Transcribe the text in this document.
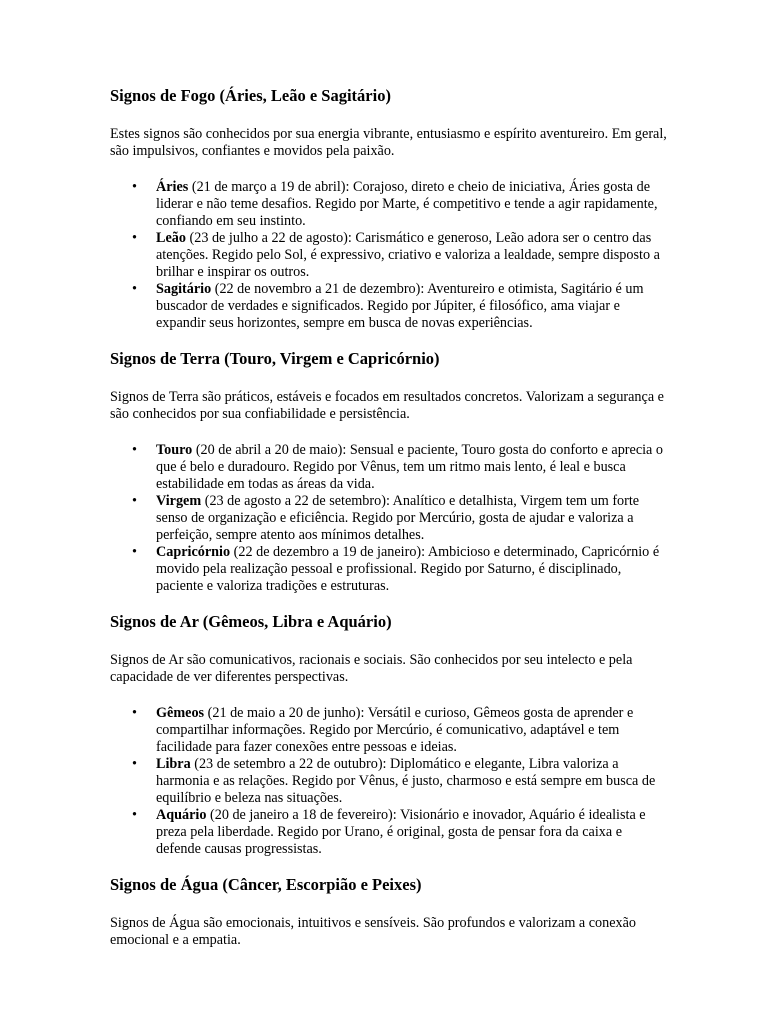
Signos de Fogo (Áries, Leão e Sagitário)

Estes signos são conhecidos por sua energia vibrante, entusiasmo e espírito aventureiro. Em geral, são impulsivos, confiantes e movidos pela paixão.

• Áries (21 de março a 19 de abril): Corajoso, direto e cheio de iniciativa, Áries gosta de liderar e não teme desafios. Regido por Marte, é competitivo e tende a agir rapidamente, confiando em seu instinto.
• Leão (23 de julho a 22 de agosto): Carismático e generoso, Leão adora ser o centro das atenções. Regido pelo Sol, é expressivo, criativo e valoriza a lealdade, sempre disposto a brilhar e inspirar os outros.
• Sagitário (22 de novembro a 21 de dezembro): Aventureiro e otimista, Sagitário é um buscador de verdades e significados. Regido por Júpiter, é filosófico, ama viajar e expandir seus horizontes, sempre em busca de novas experiências.
Signos de Terra (Touro, Virgem e Capricórnio)

Signos de Terra são práticos, estáveis e focados em resultados concretos. Valorizam a segurança e são conhecidos por sua confiabilidade e persistência.

• Touro (20 de abril a 20 de maio): Sensual e paciente, Touro gosta do conforto e aprecia o que é belo e duradouro. Regido por Vênus, tem um ritmo mais lento, é leal e busca estabilidade em todas as áreas da vida.
• Virgem (23 de agosto a 22 de setembro): Analítico e detalhista, Virgem tem um forte senso de organização e eficiência. Regido por Mercúrio, gosta de ajudar e valoriza a perfeição, sempre atento aos mínimos detalhes.
• Capricórnio (22 de dezembro a 19 de janeiro): Ambicioso e determinado, Capricórnio é movido pela realização pessoal e profissional. Regido por Saturno, é disciplinado, paciente e valoriza tradições e estruturas.
Signos de Ar (Gêmeos, Libra e Aquário)

Signos de Ar são comunicativos, racionais e sociais. São conhecidos por seu intelecto e pela capacidade de ver diferentes perspectivas.

• Gêmeos (21 de maio a 20 de junho): Versátil e curioso, Gêmeos gosta de aprender e compartilhar informações. Regido por Mercúrio, é comunicativo, adaptável e tem facilidade para fazer conexões entre pessoas e ideias.
• Libra (23 de setembro a 22 de outubro): Diplomático e elegante, Libra valoriza a harmonia e as relações. Regido por Vênus, é justo, charmoso e está sempre em busca de equilíbrio e beleza nas situações.
• Aquário (20 de janeiro a 18 de fevereiro): Visionário e inovador, Aquário é idealista e preza pela liberdade. Regido por Urano, é original, gosta de pensar fora da caixa e defende causas progressistas.
Signos de Água (Câncer, Escorpião e Peixes)

Signos de Água são emocionais, intuitivos e sensíveis. São profundos e valorizam a conexão emocional e a empatia.
